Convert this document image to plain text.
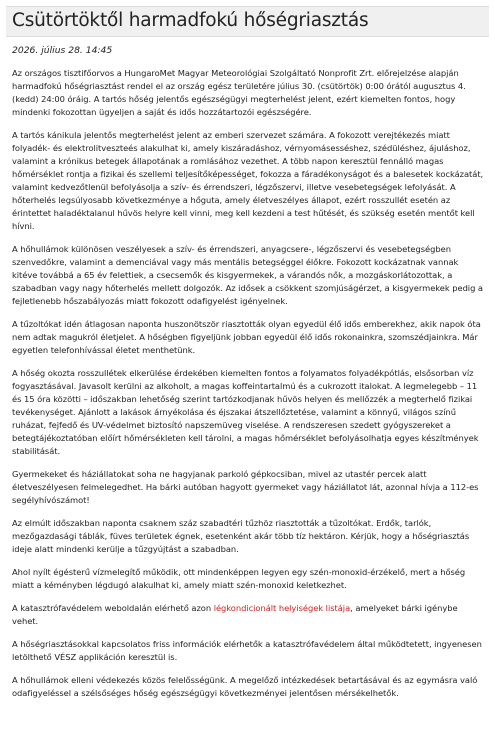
Csütörtöktől harmadfokú hőségriasztás

2026. július 28. 14:45

Az országos tisztifőorvos a HungaroMet Magyar Meteorológiai Szolgáltató Nonprofit Zrt. előrejelzése alapján harmadfokú hőségriasztást rendel el az ország egész területére július 30. (csütörtök) 0:00 órától augusztus 4. (kedd) 24:00 óráig. A tartós hőség jelentős egészségügyi megterhelést jelent, ezért kiemelten fontos, hogy mindenki fokozottan ügyeljen a saját és idős hozzátartozói egészségére.

A tartós kánikula jelentős megterhelést jelent az emberi szervezet számára. A fokozott verejtékezés miatt folyadék- és elektrolitveszteés alakulhat ki, amely kiszáradáshoz, vérnyomásesséshez, szédüléshez, ájuláshoz, valamint a krónikus betegek állapotának a romlásához vezethet. A több napon keresztül fennálló magas hőmérséklet rontja a fizikai és szellemi teljesítőképességet, fokozza a fáradékonyságot és a balesetek kockázatát, valamint kedvezőtlenül befolyásolja a szív- és érrendszeri, légzőszervi, illetve vesebetegségek lefolyását. A hőterhelés legsúlyosabb következménye a hőguta, amely életveszélyes állapot, ezért rosszullét esetén az érintettet haladéktalanul hűvös helyre kell vinni, meg kell kezdeni a test hűtését, és szükség esetén mentőt kell hívni.

A hőhullámok különösen veszélyesek a szív- és érrendszeri, anyagcsere-, légzőszervi és vesebetegségben szenvedőkre, valamint a demenciával vagy más mentális betegséggel élőkre. Fokozott kockázatnak vannak kitéve továbbá a 65 év felettiek, a csecsemők és kisgyermekek, a várandós nők, a mozgáskorlátozottak, a szabadban vagy nagy hőterhelés mellett dolgozók. Az idősek a csökkent szomjúságérzet, a kisgyermekek pedig a fejletlenebb hőszabályozás miatt fokozott odafigyelést igényelnek.

A tűzoltókat idén átlagosan naponta huszonötször riasztották olyan egyedül élő idős emberekhez, akik napok óta nem adtak magukról életjelet. A hőségben figyeljünk jobban egyedül élő idős rokonainkra, szomszédjainkra. Már egyetlen telefonhívással életet menthetünk.

A hőség okozta rosszullétek elkerülése érdekében kiemelten fontos a folyamatos folyadékpótlás, elsősorban víz fogyasztásával. Javasolt kerülni az alkoholt, a magas koffeintartalmú és a cukrozott italokat. A legmelegebb – 11 és 15 óra közötti – időszakban lehetőség szerint tartózkodjanak hűvös helyen és mellőzzék a megterhelő fizikai tevékenységet. Ajánlott a lakások árnyékolása és éjszakai átszellőztetése, valamint a könnyű, világos színű ruházat, fejfedő és UV-védelmet biztosító napszemüveg viselése. A rendszeresen szedett gyógyszereket a betegtájékoztatóban előírt hőmérsékleten kell tárolni, a magas hőmérséklet befolyásolhatja egyes készítmények stabilitását.

Gyermekeket és háziállatokat soha ne hagyjanak parkoló gépkocsiban, mivel az utastér percek alatt életveszélyesen felmelegedhet. Ha bárki autóban hagyott gyermeket vagy háziállatot lát, azonnal hívja a 112-es segélyhívószámot!

Az elmúlt időszakban naponta csaknem száz szabadtéri tűzhöz riasztották a tűzoltókat. Erdők, tarlók, mezőgazdasági táblák, füves területek égnek, esetenként akár több tíz hektáron. Kérjük, hogy a hőségriasztás ideje alatt mindenki kerülje a tűzgyújtást a szabadban.

Ahol nyílt égésterű vízmelegítő működik, ott mindenképpen legyen egy szén-monoxid-érzékelő, mert a hőség miatt a kéményben légdugó alakulhat ki, amely miatt szén-monoxid keletkezhet.

A katasztrófavédelem weboldalán elérhető azon légkondicionált helyiségek listája, amelyeket bárki igénybe vehet.

A hőségriasztásokkal kapcsolatos friss információk elérhetők a katasztrófavédelem által működtetett, ingyenesen letölthető VÉSZ applikáción keresztül is.

A hőhullámok elleni védekezés közös felelősségünk. A megelőző intézkedések betartásával és az egymásra való odafigyeléssel a szélsőséges hőség egészségügyi következményei jelentősen mérsékelhetők.
